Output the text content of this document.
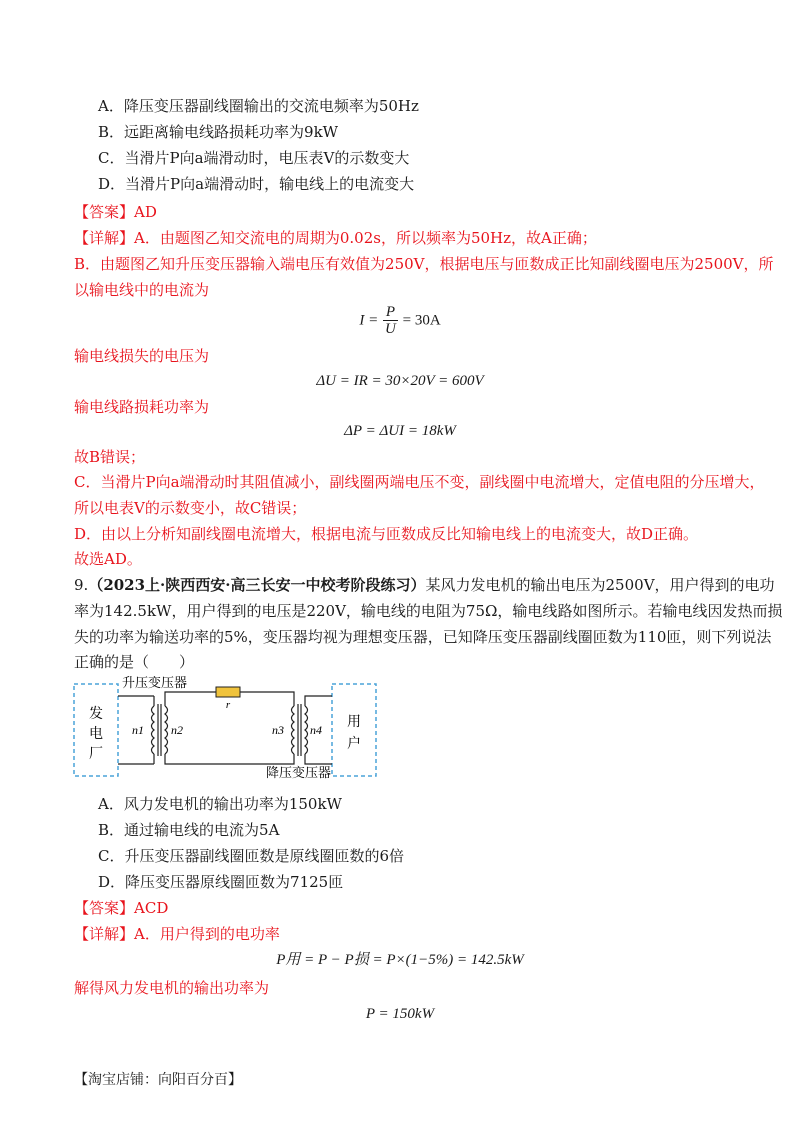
A．降压变压器副线圈输出的交流电频率为50Hz
B．远距离输电线路损耗功率为9kW
C．当滑片P向a端滑动时，电压表V的示数变大
D．当滑片P向a端滑动时，输电线上的电流变大
【答案】AD
【详解】A．由题图乙知交流电的周期为0.02s，所以频率为50Hz，故A正确；
B．由题图乙知升压变压器输入端电压有效值为250V，根据电压与匝数成正比知副线圈电压为2500V，所
以输电线中的电流为
$I = \frac{P}{U} = 30A$
输电线损失的电压为
ΔU = IR = 30×20V = 600V
输电线路损耗功率为
ΔP = ΔUI = 18kW
故B错误；
C．当滑片P向a端滑动时其阻值减小，副线圈两端电压不变，副线圈中电流增大，定值电阻的分压增大，
所以电表V的示数变小，故C错误；
D．由以上分析知副线圈电流增大，根据电流与匝数成反比知输电线上的电流变大，故D正确。
故选AD。
9.（2023上·陕西西安·高三长安一中校考阶段练习）某风力发电机的输出电压为2500V，用户得到的电功
率为142.5kW，用户得到的电压是220V，输电线的电阻为75Ω，输电线路如图所示。若输电线因发热而损
失的功率为输送功率的5%，变压器均视为理想变压器，已知降压变压器副线圈匝数为110匝，则下列说法
正确的是（　　）
发
电
厂
用
户
r
n1 n2	n3 n4
升压变压器
降压变压器
A．风力发电机的输出功率为150kW
B．通过输电线的电流为5A
C．升压变压器副线圈匝数是原线圈匝数的6倍
D．降压变压器原线圈匝数为7125匝
【答案】ACD
【详解】A．用户得到的电功率
P用 = P − P损 = P×(1−5%) = 142.5kW
解得风力发电机的输出功率为
P = 150kW
【淘宝店铺：向阳百分百】
